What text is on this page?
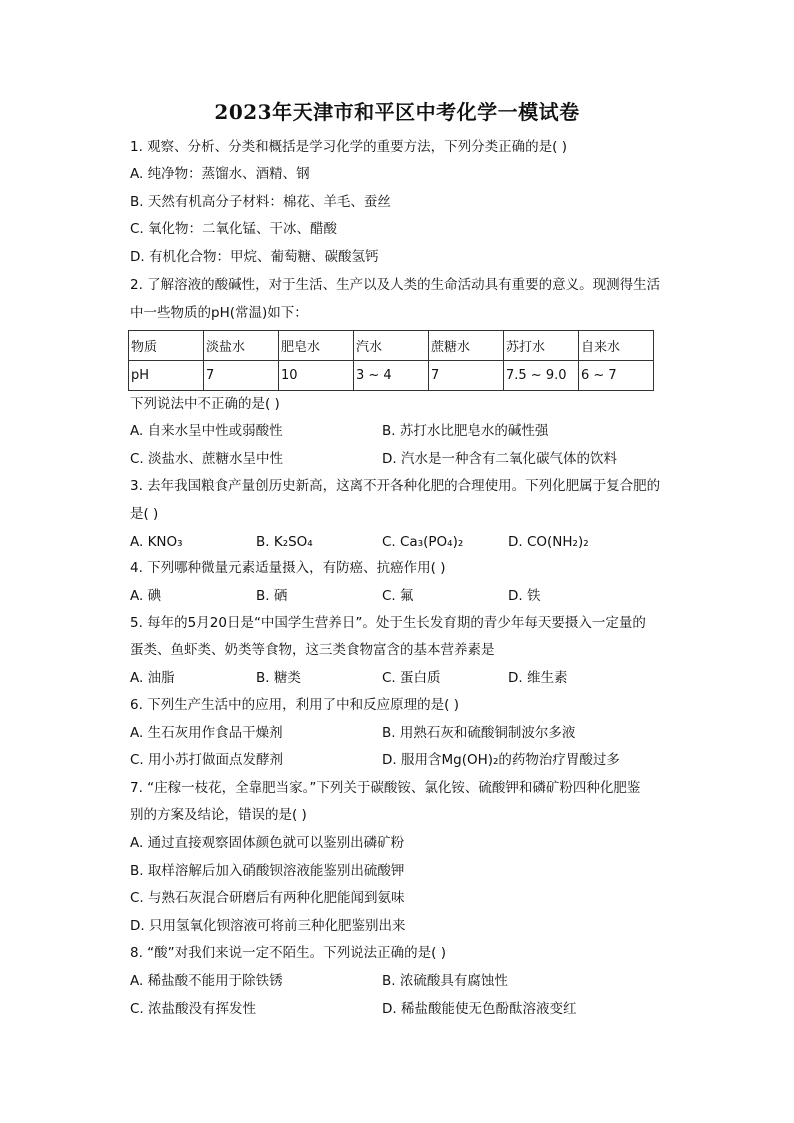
2023年天津市和平区中考化学一模试卷
1. 观察、分析、分类和概括是学习化学的重要方法，下列分类正确的是( )
A. 纯净物：蒸馏水、酒精、钢
B. 天然有机高分子材料：棉花、羊毛、蚕丝
C. 氧化物：二氧化锰、干冰、醋酸
D. 有机化合物：甲烷、葡萄糖、碳酸氢钙
2. 了解溶液的酸碱性，对于生活、生产以及人类的生命活动具有重要的意义。现测得生活
中一些物质的pH(常温)如下：
物质	淡盐水	肥皂水	汽水	蔗糖水	苏打水	自来水
pH	7	10	3 ~ 4	7	7.5 ~ 9.0	6 ~ 7
下列说法中不正确的是( )
A. 自来水呈中性或弱酸性	B. 苏打水比肥皂水的碱性强
C. 淡盐水、蔗糖水呈中性	D. 汽水是一种含有二氧化碳气体的饮料
3. 去年我国粮食产量创历史新高，这离不开各种化肥的合理使用。下列化肥属于复合肥的
是( )
A. KNO₃	B. K₂SO₄	C. Ca₃(PO₄)₂	D. CO(NH₂)₂
4. 下列哪种微量元素适量摄入，有防癌、抗癌作用( )
A. 碘	B. 硒	C. 氟	D. 铁
5. 每年的5月20日是“中国学生营养日”。处于生长发育期的青少年每天要摄入一定量的
蛋类、鱼虾类、奶类等食物，这三类食物富含的基本营养素是
A. 油脂	B. 糖类	C. 蛋白质	D. 维生素
6. 下列生产生活中的应用，利用了中和反应原理的是( )
A. 生石灰用作食品干燥剂	B. 用熟石灰和硫酸铜制波尔多液
C. 用小苏打做面点发酵剂	D. 服用含Mg(OH)₂的药物治疗胃酸过多
7. “庄稼一枝花，全靠肥当家。”下列关于碳酸铵、氯化铵、硫酸钾和磷矿粉四种化肥鉴
别的方案及结论，错误的是( )
A. 通过直接观察固体颜色就可以鉴别出磷矿粉
B. 取样溶解后加入硝酸钡溶液能鉴别出硫酸钾
C. 与熟石灰混合研磨后有两种化肥能闻到氨味
D. 只用氢氧化钡溶液可将前三种化肥鉴别出来
8. “酸”对我们来说一定不陌生。下列说法正确的是( )
A. 稀盐酸不能用于除铁锈	B. 浓硫酸具有腐蚀性
C. 浓盐酸没有挥发性	D. 稀盐酸能使无色酚酞溶液变红
